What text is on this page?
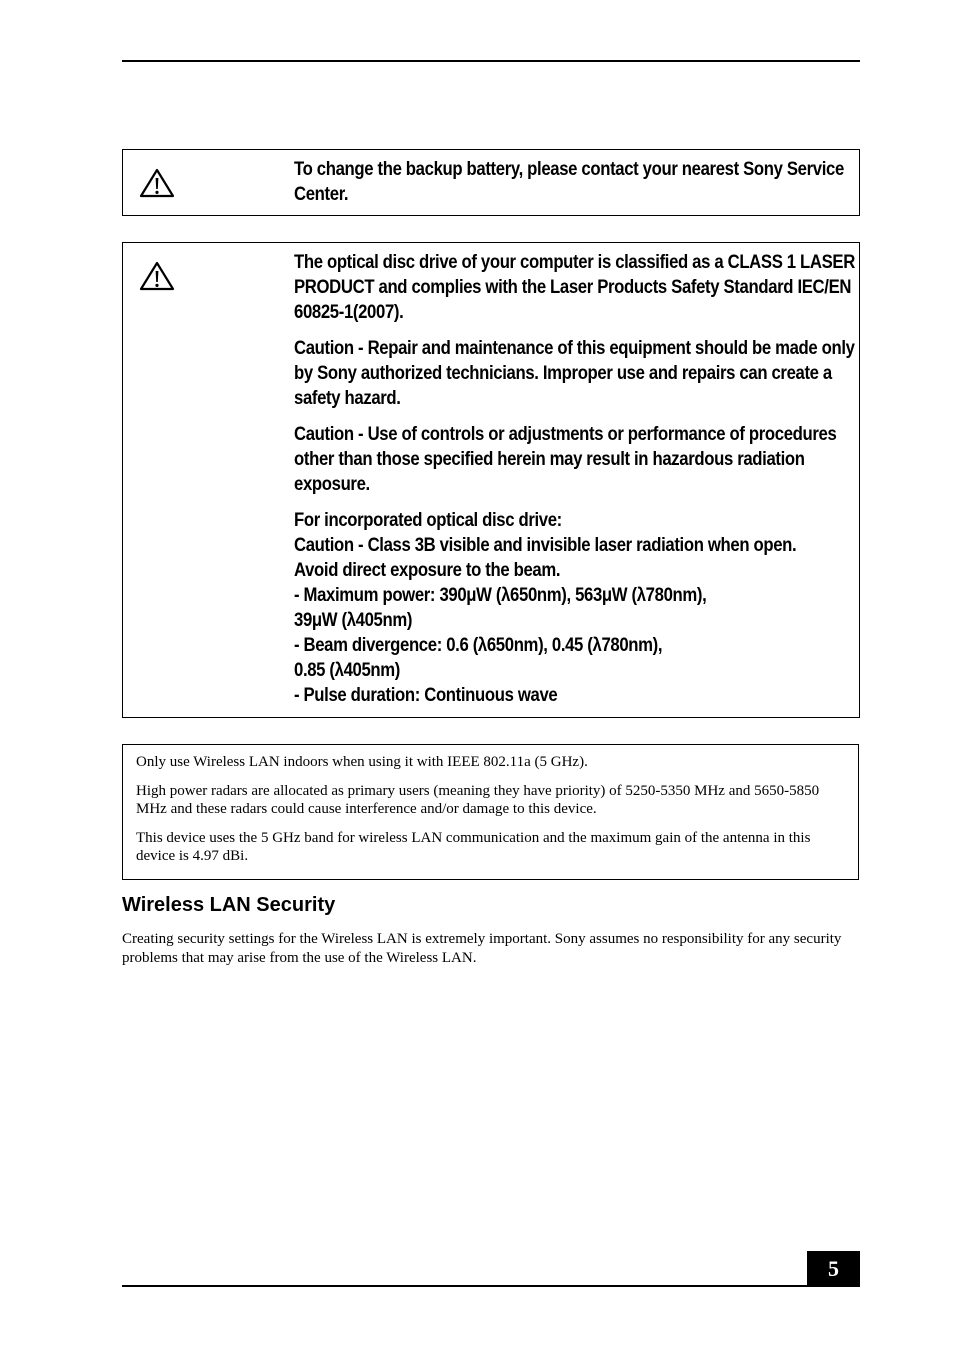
To change the backup battery, please contact your nearest Sony Service Center.

The optical disc drive of your computer is classified as a CLASS 1 LASER PRODUCT and complies with the Laser Products Safety Standard IEC/EN 60825-1(2007).

Caution - Repair and maintenance of this equipment should be made only by Sony authorized technicians. Improper use and repairs can create a safety hazard.

Caution - Use of controls or adjustments or performance of procedures other than those specified herein may result in hazardous radiation exposure.

For incorporated optical disc drive:

Caution - Class 3B visible and invisible laser radiation when open.

Avoid direct exposure to the beam.

- Maximum power: 390μW (λ650nm), 563μW (λ780nm),

39μW (λ405nm)

- Beam divergence: 0.6 (λ650nm), 0.45 (λ780nm),

0.85 (λ405nm)

- Pulse duration: Continuous wave

Only use Wireless LAN indoors when using it with IEEE 802.11a (5 GHz).

High power radars are allocated as primary users (meaning they have priority) of 5250-5350 MHz and 5650-5850 MHz and these radars could cause interference and/or damage to this device.

This device uses the 5 GHz band for wireless LAN communication and the maximum gain of the antenna in this device is 4.97 dBi.

Wireless LAN Security

Creating security settings for the Wireless LAN is extremely important. Sony assumes no responsibility for any security problems that may arise from the use of the Wireless LAN.

5
